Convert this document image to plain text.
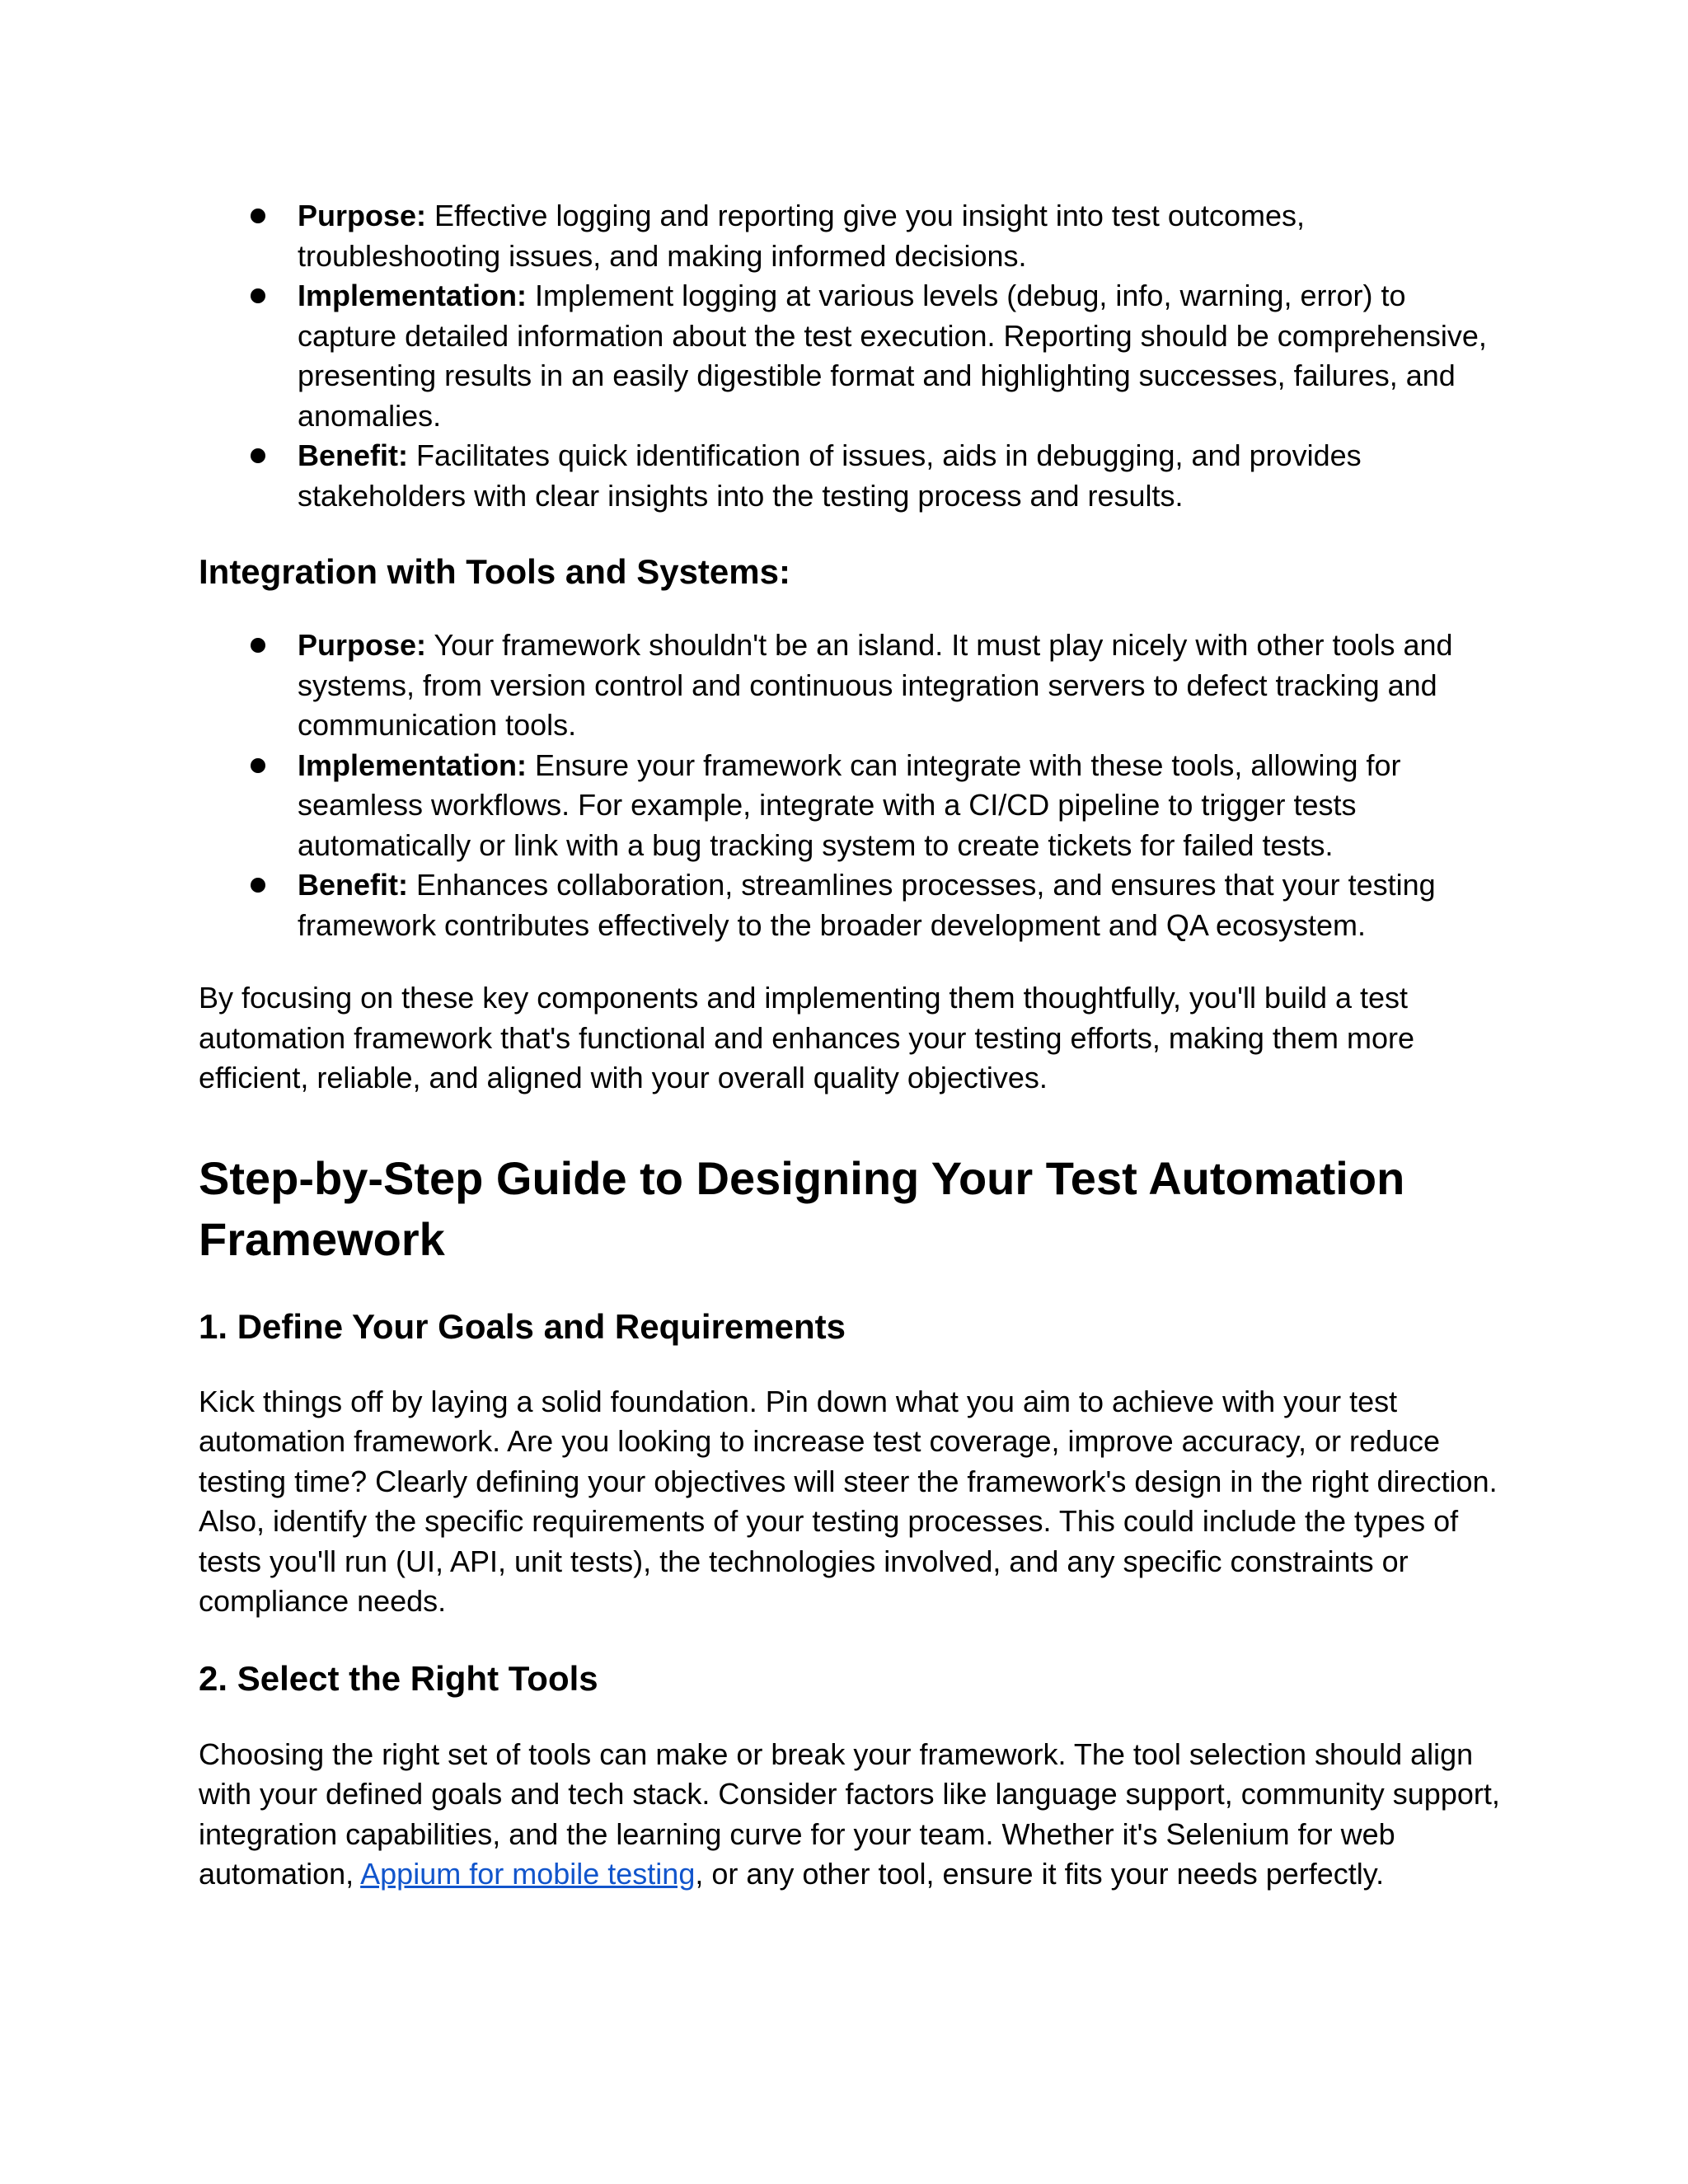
Purpose: Effective logging and reporting give you insight into test outcomes, troubleshooting issues, and making informed decisions.
Implementation: Implement logging at various levels (debug, info, warning, error) to capture detailed information about the test execution. Reporting should be comprehensive, presenting results in an easily digestible format and highlighting successes, failures, and anomalies.
Benefit: Facilitates quick identification of issues, aids in debugging, and provides stakeholders with clear insights into the testing process and results.
Integration with Tools and Systems:
Purpose: Your framework shouldn't be an island. It must play nicely with other tools and systems, from version control and continuous integration servers to defect tracking and communication tools.
Implementation: Ensure your framework can integrate with these tools, allowing for seamless workflows. For example, integrate with a CI/CD pipeline to trigger tests automatically or link with a bug tracking system to create tickets for failed tests.
Benefit: Enhances collaboration, streamlines processes, and ensures that your testing framework contributes effectively to the broader development and QA ecosystem.

By focusing on these key components and implementing them thoughtfully, you'll build a test automation framework that's functional and enhances your testing efforts, making them more efficient, reliable, and aligned with your overall quality objectives.

Step-by-Step Guide to Designing Your Test Automation Framework
1. Define Your Goals and Requirements

Kick things off by laying a solid foundation. Pin down what you aim to achieve with your test automation framework. Are you looking to increase test coverage, improve accuracy, or reduce testing time? Clearly defining your objectives will steer the framework's design in the right direction. Also, identify the specific requirements of your testing processes. This could include the types of tests you'll run (UI, API, unit tests), the technologies involved, and any specific constraints or compliance needs.

2. Select the Right Tools

Choosing the right set of tools can make or break your framework. The tool selection should align with your defined goals and tech stack. Consider factors like language support, community support, integration capabilities, and the learning curve for your team. Whether it's Selenium for web automation, Appium for mobile testing, or any other tool, ensure it fits your needs perfectly.
